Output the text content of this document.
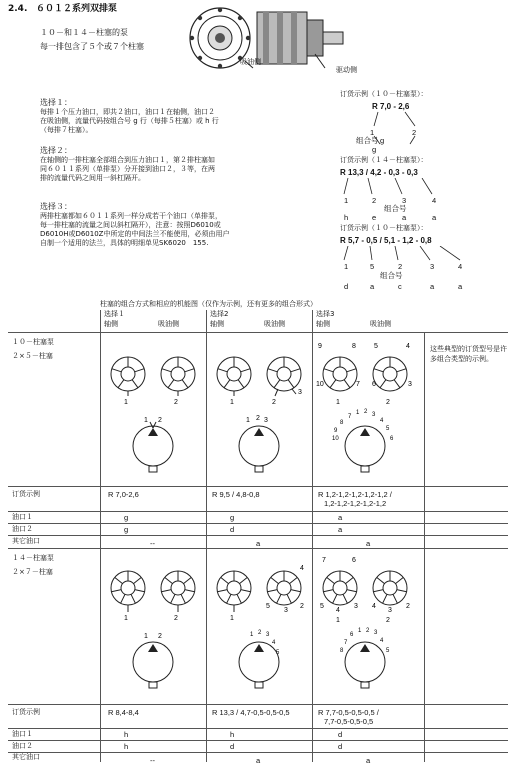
2.4. ６０１２系列双排泵
１０－和１４－柱塞的泵
每一排包含了５个或７个柱塞
吸油侧
驱动侧
选择１：
每排１个压力油口，即共２油口，油口１在轴侧，油口２
在吸油侧，流量代码按组合号 g 行（每排５柱塞）或 h 行
（每排７柱塞）。
选择２：
在轴侧的一排柱塞全部组合到压力油口１，第２排柱塞如
同６０１１系列（单排泵）分开接到油口２，３等，在两
排的流量代码之间用一斜杠隔开。
选择３：
两排柱塞都如６０１１系列一样分成若干个油口（单排泵，
每一排柱塞的流量之间以斜杠隔开），注意：按照D6010或
D6010H或D6010Z中所定的中间法兰不能使用，必须由用户
自制一个适用的法兰，具体的明细单见SK6020　155.
订货示例（１０－柱塞泵）：
R 7,0 - 2,6
1	2
组合号 g
g
订货示例（１４－柱塞泵）：
R 13,3 / 4,2 - 0,3 - 0,3
1	2	3	4
组合号
h	e	a	a
订货示例（１０－柱塞泵）：
R 5,7 - 0,5 / 5,1 - 1,2 - 0,8
1	5	2	3	4
组合号
d	a	c	a	a
柱塞的组合方式和相应的机能图（仅作为示例，还有更多的组合形式）
选择１	选择2	选择3
轴侧	吸油侧	轴侧	吸油侧	轴侧	吸油侧
这些典型的订货型号是许多组合类型的示例。
１０－柱塞泵
２×５－柱塞
1	2
1 2
1	2
3
1 2 3
9	8
10	7
5	4
6	3
1	2
7
1 2
8
3
9
4
10
5
6
订货示例	R 7,0-2,6	R 9,5 / 4,8-0,8	R 1,2-1,2-1,2-1,2-1,2 /
1,2-1,2-1,2-1,2-1,2
油口１	g	g	a
油口２	g	d	a
其它油口	--	a	a
１４－柱塞泵
２×７－柱塞
1	2
1 2
1
5
3
2
4
1 2 3
4
5
7	6
5
4
3 4
3
2
1	2
6
1 2 3
7	4
8	5
订货示例	R 8,4-8,4	R 13,3 / 4,7-0,5-0,5-0,5	R 7,7-0,5-0,5-0,5 /
7,7-0,5-0,5-0,5
油口１	h	h	d
油口２	h	d	d
其它油口	--	a	a
